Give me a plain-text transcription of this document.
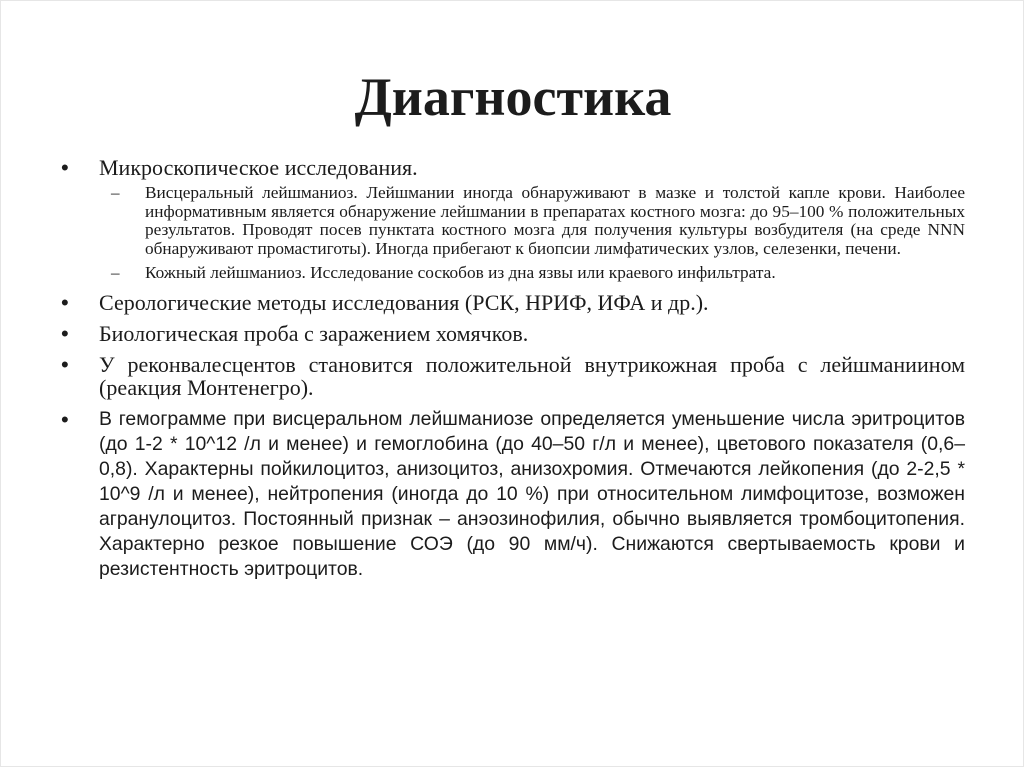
Диагностика
• Микроскопическое исследования.
– Висцеральный лейшманиоз. Лейшмании иногда обнаруживают в мазке и толстой капле крови. Наиболее информативным является обнаружение лейшмании в препаратах костного мозга: до 95–100 % положительных результатов. Проводят посев пунктата костного мозга для получения культуры возбудителя (на среде NNN обнаруживают промастиготы). Иногда прибегают к биопсии лимфатических узлов, селезенки, печени.
– Кожный лейшманиоз. Исследование соскобов из дна язвы или краевого инфильтрата.
• Серологические методы исследования (РСК, НРИФ, ИФА и др.).
• Биологическая проба с заражением хомячков.
• У реконвалесцентов становится положительной внутрикожная проба с лейшманиином (реакция Монтенегро).
• В гемограмме при висцеральном лейшманиозе определяется уменьшение числа эритроцитов (до 1-2 * 10^12 /л и менее) и гемоглобина (до 40–50 г/л и менее), цветового показателя (0,6–0,8). Характерны пойкилоцитоз, анизоцитоз, анизохромия. Отмечаются лейкопения (до 2-2,5 * 10^9 /л и менее), нейтропения (иногда до 10 %) при относительном лимфоцитозе, возможен агранулоцитоз. Постоянный признак – анэозинофилия, обычно выявляется тромбоцитопения. Характерно резкое повышение СОЭ (до 90 мм/ч). Снижаются свертываемость крови и резистентность эритроцитов.
